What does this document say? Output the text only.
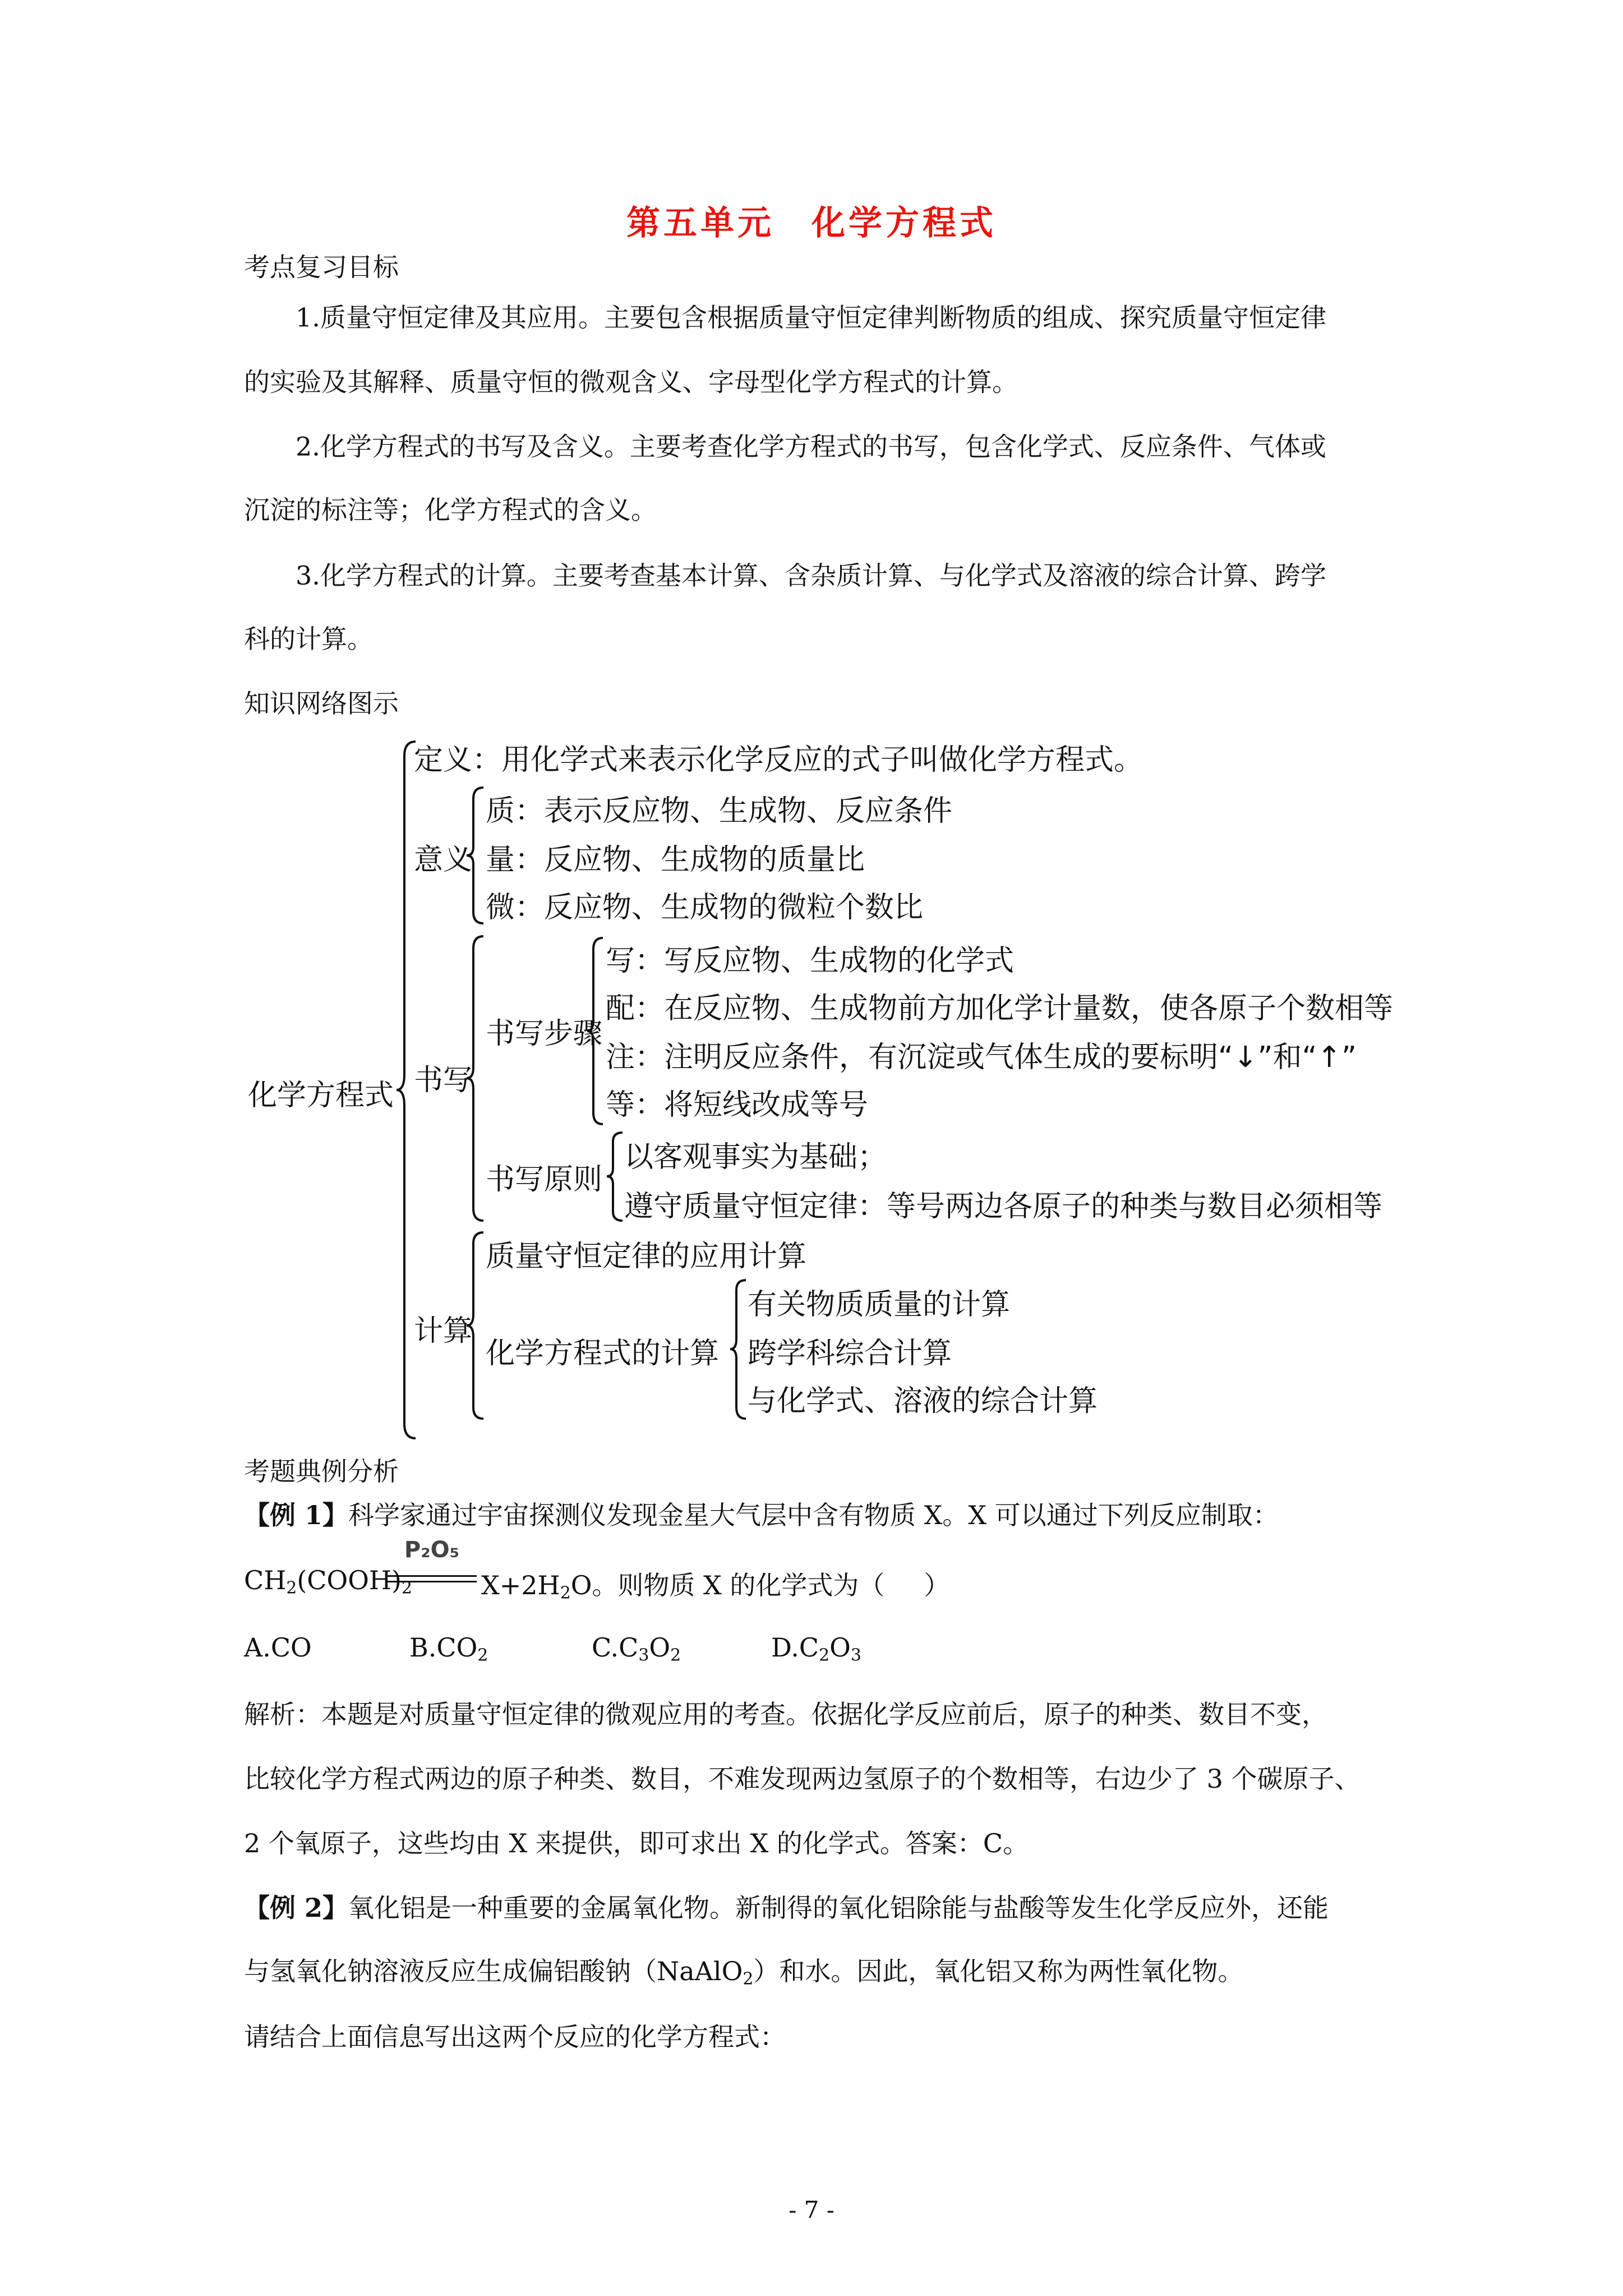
第五单元　化学方程式
考点复习目标
1.质量守恒定律及其应用。主要包含根据质量守恒定律判断物质的组成、探究质量守恒定律
的实验及其解释、质量守恒的微观含义、字母型化学方程式的计算。
2.化学方程式的书写及含义。主要考查化学方程式的书写，包含化学式、反应条件、气体或
沉淀的标注等；化学方程式的含义。
3.化学方程式的计算。主要考查基本计算、含杂质计算、与化学式及溶液的综合计算、跨学
科的计算。
知识网络图示
化学方程式
定义：用化学式来表示化学反应的式子叫做化学方程式。
意义
质：表示反应物、生成物、反应条件
量：反应物、生成物的质量比
微：反应物、生成物的微粒个数比
书写
书写步骤
写：写反应物、生成物的化学式
配：在反应物、生成物前方加化学计量数，使各原子个数相等
注：注明反应条件，有沉淀或气体生成的要标明“↓”和“↑”
等：将短线改成等号
书写原则
以客观事实为基础；
遵守质量守恒定律：等号两边各原子的种类与数目必须相等
计算
质量守恒定律的应用计算
化学方程式的计算
有关物质质量的计算
跨学科综合计算
与化学式、溶液的综合计算
考题典例分析
【例 1】科学家通过宇宙探测仪发现金星大气层中含有物质 X。X 可以通过下列反应制取：
$CH_2(COOH)_2$
P₂O₅
$X+2H_2O$。则物质 X 的化学式为（ ）
A.CO	$B.CO_2$	$C.C_3O_2$	$D.C_2O_3$
解析：本题是对质量守恒定律的微观应用的考查。依据化学反应前后，原子的种类、数目不变，
比较化学方程式两边的原子种类、数目，不难发现两边氢原子的个数相等，右边少了 3 个碳原子、
2 个氧原子，这些均由 X 来提供，即可求出 X 的化学式。答案：C。
【例 2】氧化铝是一种重要的金属氧化物。新制得的氧化铝除能与盐酸等发生化学反应外，还能
与氢氧化钠溶液反应生成偏铝酸钠（NaAlO$_2$）和水。因此，氧化铝又称为两性氧化物。
请结合上面信息写出这两个反应的化学方程式：
- 7 -
